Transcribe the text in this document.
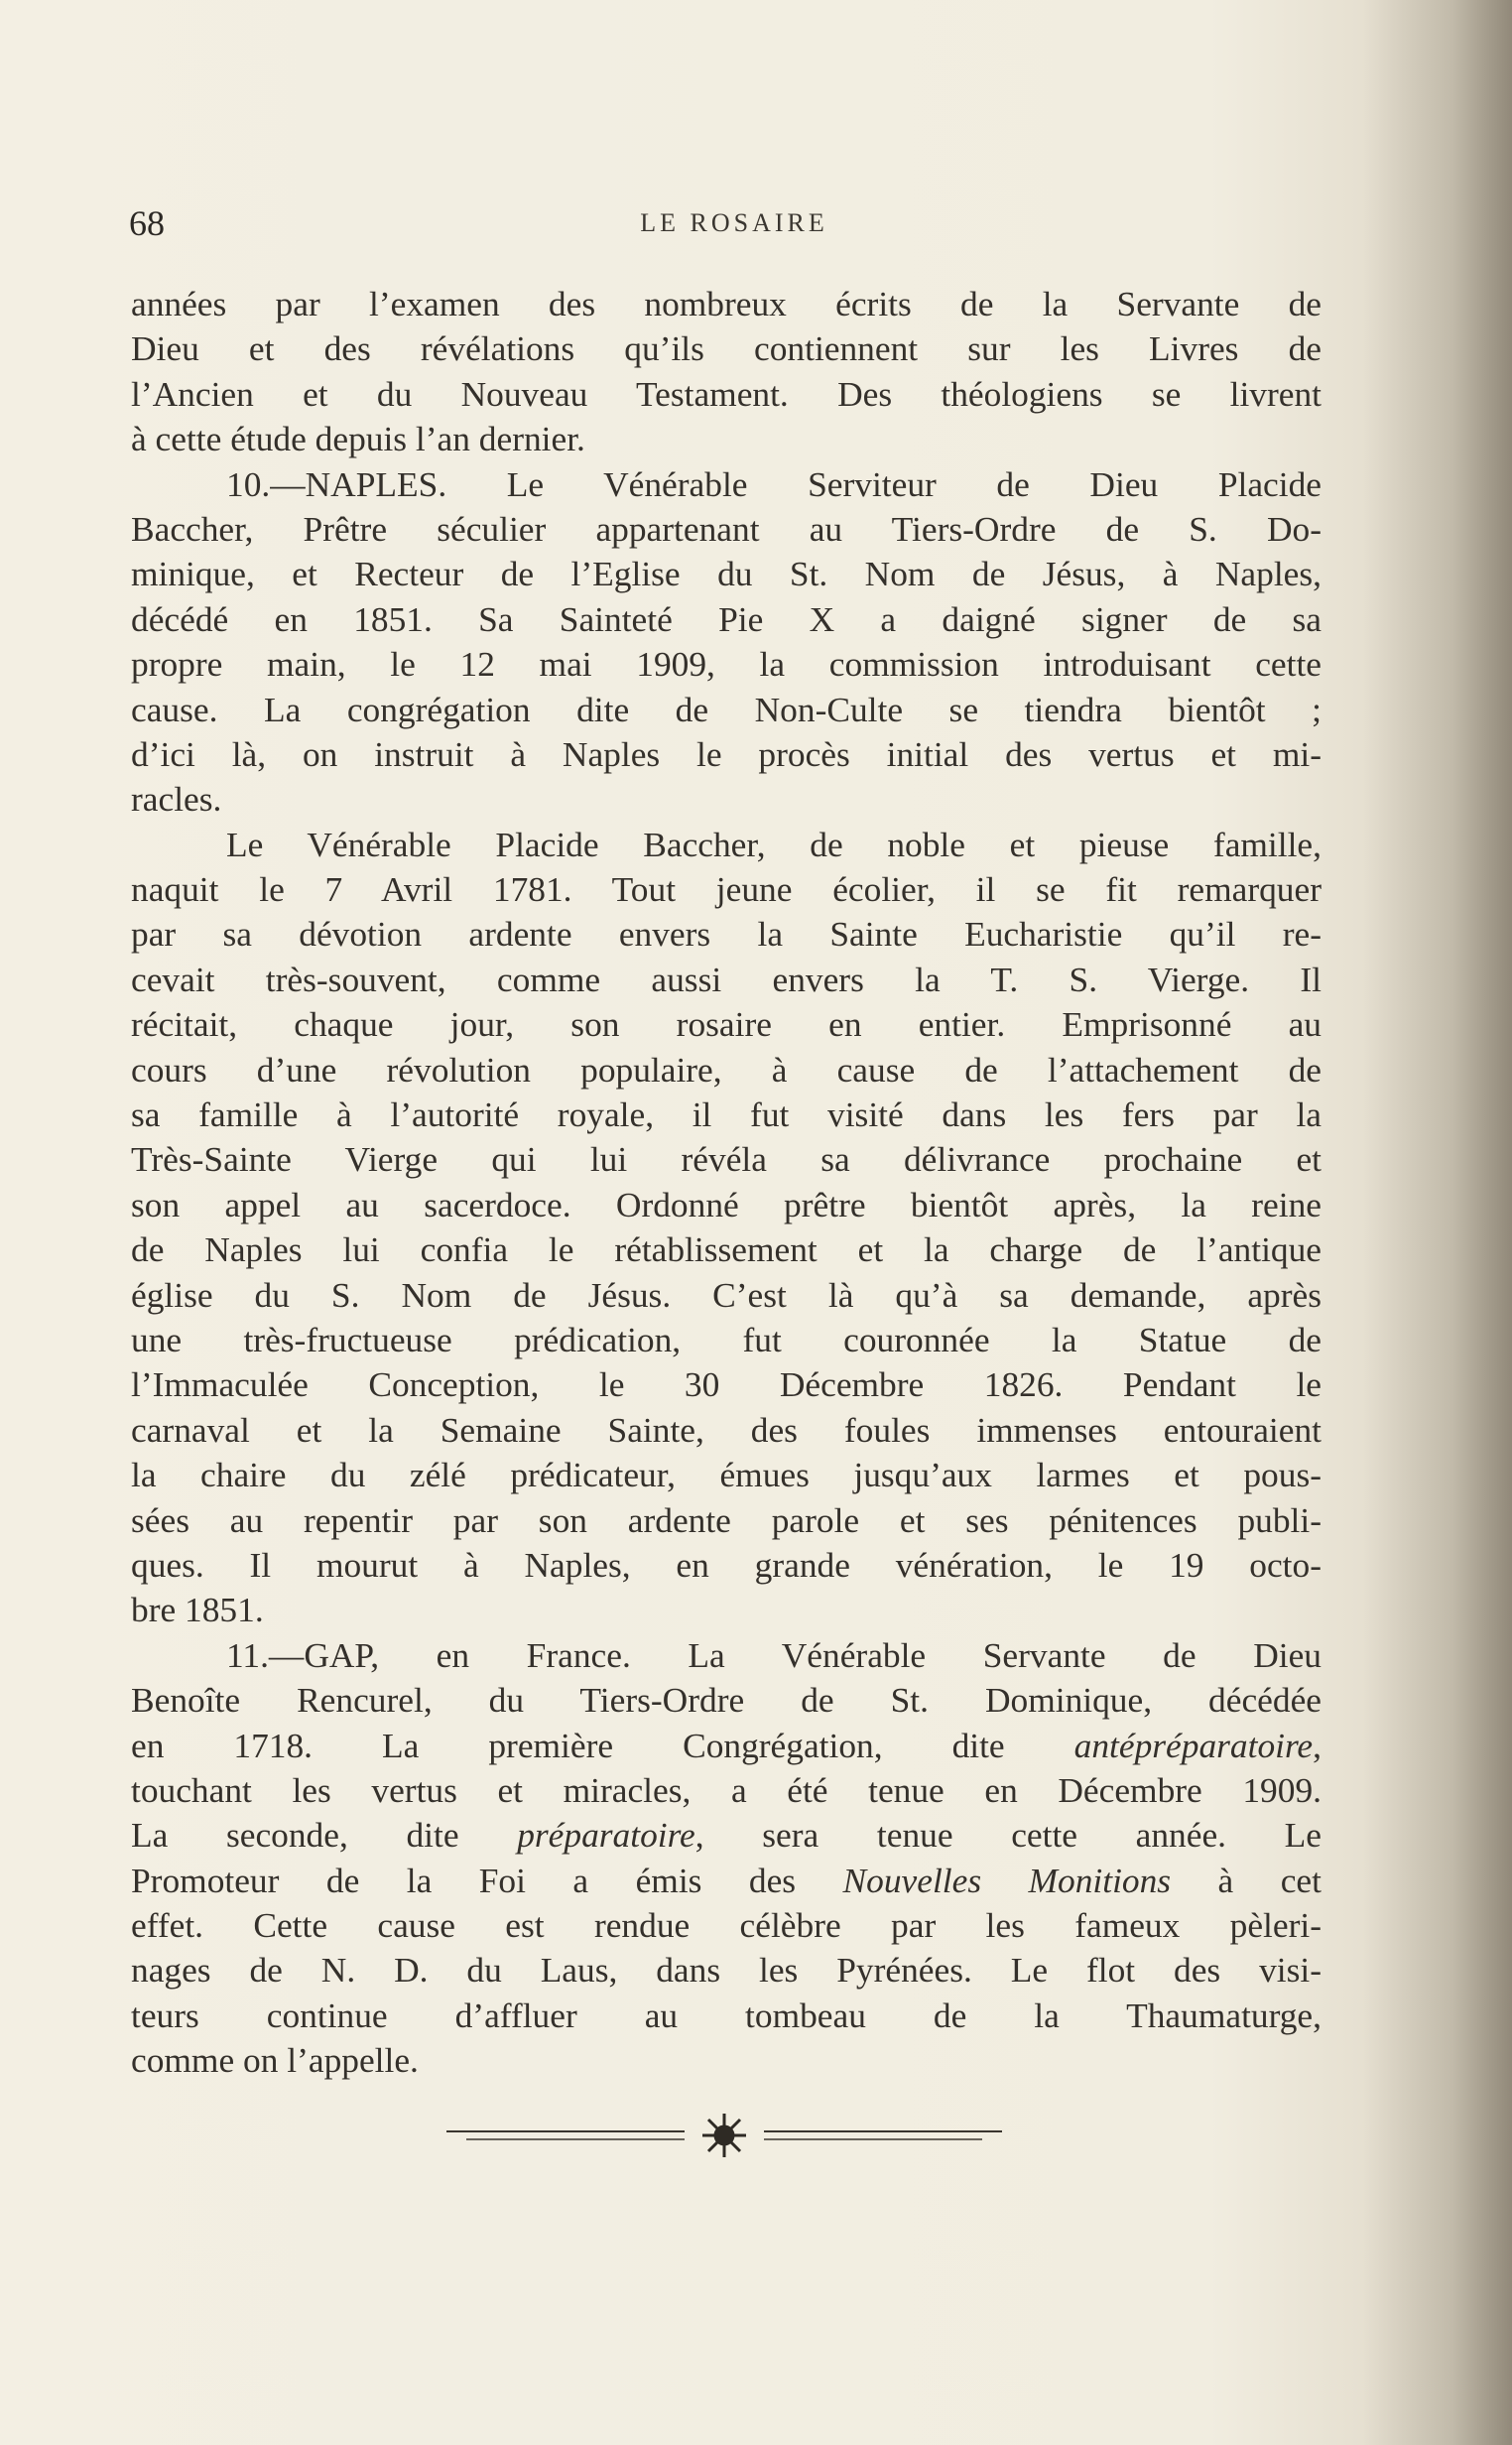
68	LE ROSAIRE
années par l’examen des nombreux écrits de la Servante de
Dieu et des révélations qu’ils contiennent sur les Livres de
l’Ancien et du Nouveau Testament. Des théologiens se livrent
à cette étude depuis l’an dernier.
10.—NAPLES. Le Vénérable Serviteur de Dieu Placide
Baccher, Prêtre séculier appartenant au Tiers-Ordre de S. Do-
minique, et Recteur de l’Eglise du St. Nom de Jésus, à Naples,
décédé en 1851. Sa Sainteté Pie X a daigné signer de sa
propre main, le 12 mai 1909, la commission introduisant cette
cause. La congrégation dite de Non-Culte se tiendra bientôt ;
d’ici là, on instruit à Naples le procès initial des vertus et mi-
racles.
Le Vénérable Placide Baccher, de noble et pieuse famille,
naquit le 7 Avril 1781. Tout jeune écolier, il se fit remarquer
par sa dévotion ardente envers la Sainte Eucharistie qu’il re-
cevait très-souvent, comme aussi envers la T. S. Vierge. Il
récitait, chaque jour, son rosaire en entier. Emprisonné au
cours d’une révolution populaire, à cause de l’attachement de
sa famille à l’autorité royale, il fut visité dans les fers par la
Très-Sainte Vierge qui lui révéla sa délivrance prochaine et
son appel au sacerdoce. Ordonné prêtre bientôt après, la reine
de Naples lui confia le rétablissement et la charge de l’antique
église du S. Nom de Jésus. C’est là qu’à sa demande, après
une très-fructueuse prédication, fut couronnée la Statue de
l’Immaculée Conception, le 30 Décembre 1826. Pendant le
carnaval et la Semaine Sainte, des foules immenses entouraient
la chaire du zélé prédicateur, émues jusqu’aux larmes et pous-
sées au repentir par son ardente parole et ses pénitences publi-
ques. Il mourut à Naples, en grande vénération, le 19 octo-
bre 1851.
11.—GAP, en France. La Vénérable Servante de Dieu
Benoîte Rencurel, du Tiers-Ordre de St. Dominique, décédée
en 1718. La première Congrégation, dite antépréparatoire,
touchant les vertus et miracles, a été tenue en Décembre 1909.
La seconde, dite préparatoire, sera tenue cette année. Le
Promoteur de la Foi a émis des Nouvelles Monitions à cet
effet. Cette cause est rendue célèbre par les fameux pèleri-
nages de N. D. du Laus, dans les Pyrénées. Le flot des visi-
teurs continue d’affluer au tombeau de la Thaumaturge,
comme on l’appelle.
